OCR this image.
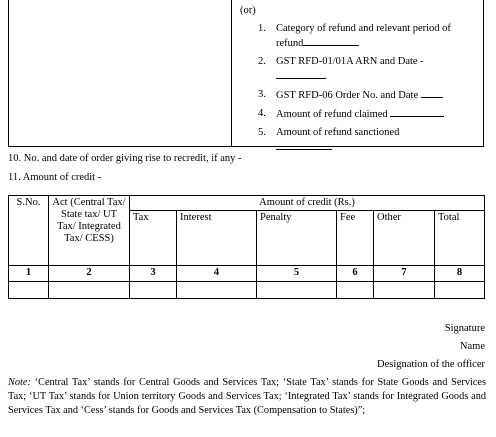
(or)
1. Category of refund and relevant period of refund
2. GST RFD-01/01A ARN and Date -

3. GST RFD-06 Order No. and Date
4. Amount of refund claimed
5. Amount of refund sanctioned

10. No. and date of order giving rise to recredit, if any -
11. Amount of credit -
S.No.	Act (Central Tax/ State tax/ UT Tax/ Integrated Tax/ CESS)	Amount of credit (Rs.)					
		Tax	Interest	Penalty	Fee	Other	Total
1	2	3	4	5	6	7	8

Signature
Name
Designation of the officer
Note: ‘Central Tax’ stands for Central Goods and Services Tax; ‘State Tax’ stands for State Goods and Services Tax; ‘UT Tax’ stands for Union territory Goods and Services Tax; ‘Integrated Tax’ stands for Integrated Goods and Services Tax and ‘Cess’ stands for Goods and Services Tax (Compensation to States)”;
